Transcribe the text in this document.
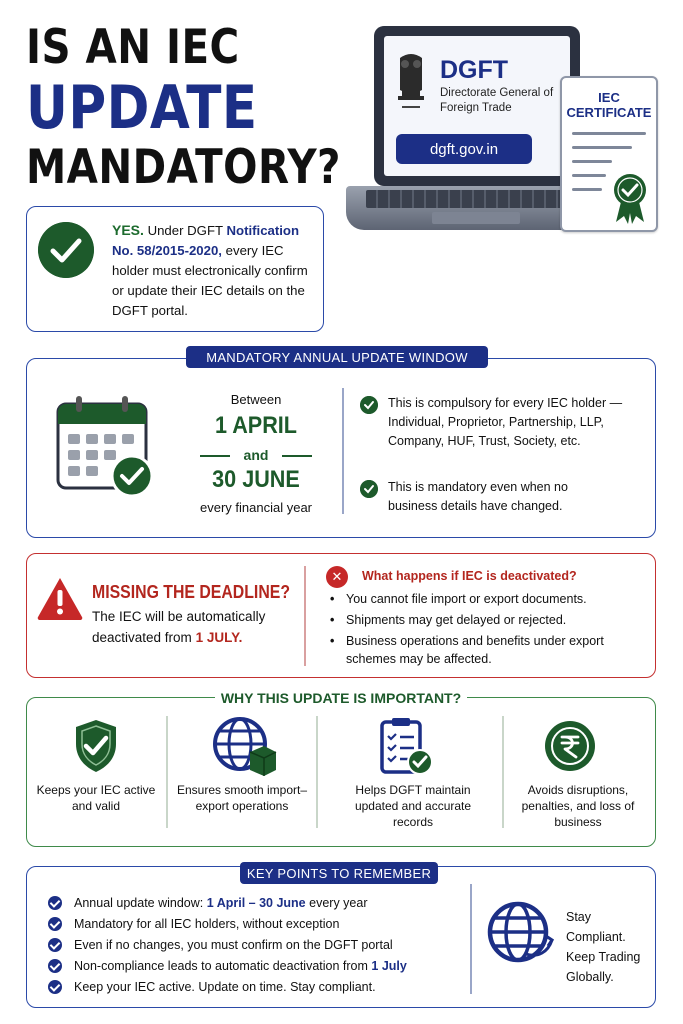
IS AN IEC
UPDATE
MANDATORY?
DGFT
Directorate General of Foreign Trade
dgft.gov.in
IEC CERTIFICATE
YES. Under DGFT Notification No. 58/2015-2020, every IEC holder must electronically confirm or update their IEC details on the DGFT portal.
MANDATORY ANNUAL UPDATE WINDOW
Between
1 APRIL
and
30 JUNE
every financial year
This is compulsory for every IEC holder — Individual, Proprietor, Partnership, LLP, Company, HUF, Trust, Society, etc.
This is mandatory even when no business details have changed.
MISSING THE DEADLINE?
The IEC will be automatically deactivated from 1 JULY.
✕	What happens if IEC is deactivated?
• You cannot file import or export documents.
• Shipments may get delayed or rejected.
• Business operations and benefits under export schemes may be affected.
WHY THIS UPDATE IS IMPORTANT?
Keeps your IEC active and valid
Ensures smooth import–export operations
Helps DGFT maintain updated and accurate records
Avoids disruptions, penalties, and loss of business
KEY POINTS TO REMEMBER
Annual update window: 1 April – 30 June every year
Mandatory for all IEC holders, without exception
Even if no changes, you must confirm on the DGFT portal
Non-compliance leads to automatic deactivation from 1 July
Keep your IEC active. Update on time. Stay compliant.
Stay Compliant. Keep Trading Globally.
